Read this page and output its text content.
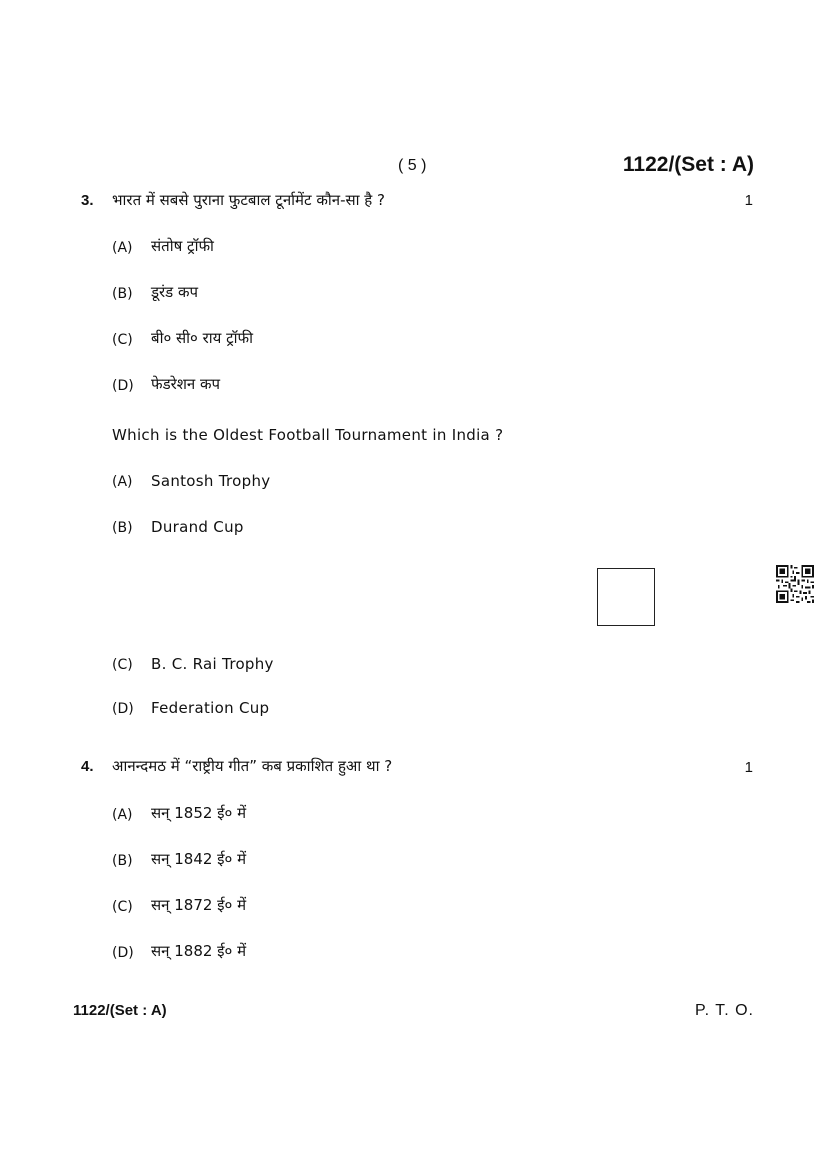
( 5 )	1122/(Set : A)
3. भारत में सबसे पुराना फुटबाल टूर्नामेंट कौन-सा है ?	1
(A) संतोष ट्रॉफी
(B) डूरंड कप
(C) बी० सी० राय ट्रॉफी
(D) फेडरेशन कप
Which is the Oldest Football Tournament in India ?
(A) Santosh Trophy
(B) Durand Cup
(C) B. C. Rai Trophy
(D) Federation Cup
4. आनन्दमठ में “राष्ट्रीय गीत” कब प्रकाशित हुआ था ?	1
(A) सन् 1852 ई० में
(B) सन् 1842 ई० में
(C) सन् 1872 ई० में
(D) सन् 1882 ई० में
1122/(Set : A)	P. T. O.
